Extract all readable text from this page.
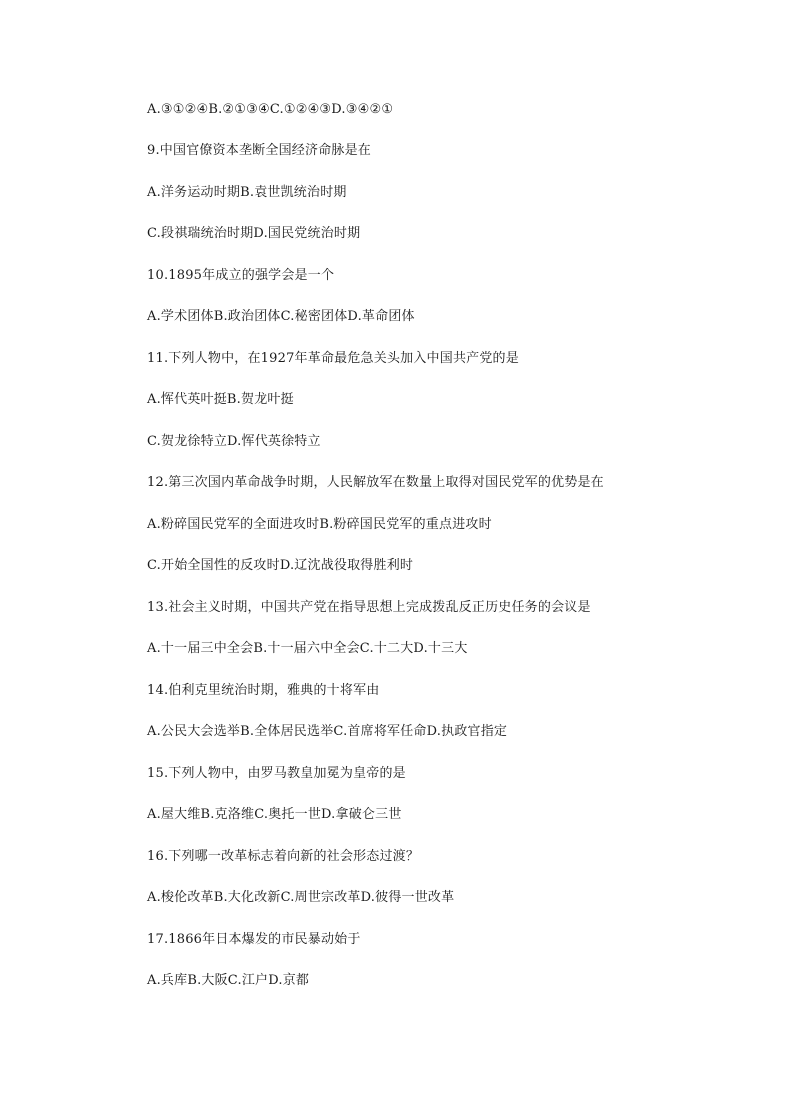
A.③①②④B.②①③④C.①②④③D.③④②①
9.中国官僚资本垄断全国经济命脉是在
A.洋务运动时期B.袁世凯统治时期
C.段祺瑞统治时期D.国民党统治时期
10.1895年成立的强学会是一个
A.学术团体B.政治团体C.秘密团体D.革命团体
11.下列人物中，在1927年革命最危急关头加入中国共产党的是
A.恽代英叶挺B.贺龙叶挺
C.贺龙徐特立D.恽代英徐特立
12.第三次国内革命战争时期，人民解放军在数量上取得对国民党军的优势是在
A.粉碎国民党军的全面进攻时B.粉碎国民党军的重点进攻时
C.开始全国性的反攻时D.辽沈战役取得胜利时
13.社会主义时期，中国共产党在指导思想上完成拨乱反正历史任务的会议是
A.十一届三中全会B.十一届六中全会C.十二大D.十三大
14.伯利克里统治时期，雅典的十将军由
A.公民大会选举B.全体居民选举C.首席将军任命D.执政官指定
15.下列人物中，由罗马教皇加冕为皇帝的是
A.屋大维B.克洛维C.奥托一世D.拿破仑三世
16.下列哪一改革标志着向新的社会形态过渡？
A.梭伦改革B.大化改新C.周世宗改革D.彼得一世改革
17.1866年日本爆发的市民暴动始于
A.兵库B.大阪C.江户D.京都
